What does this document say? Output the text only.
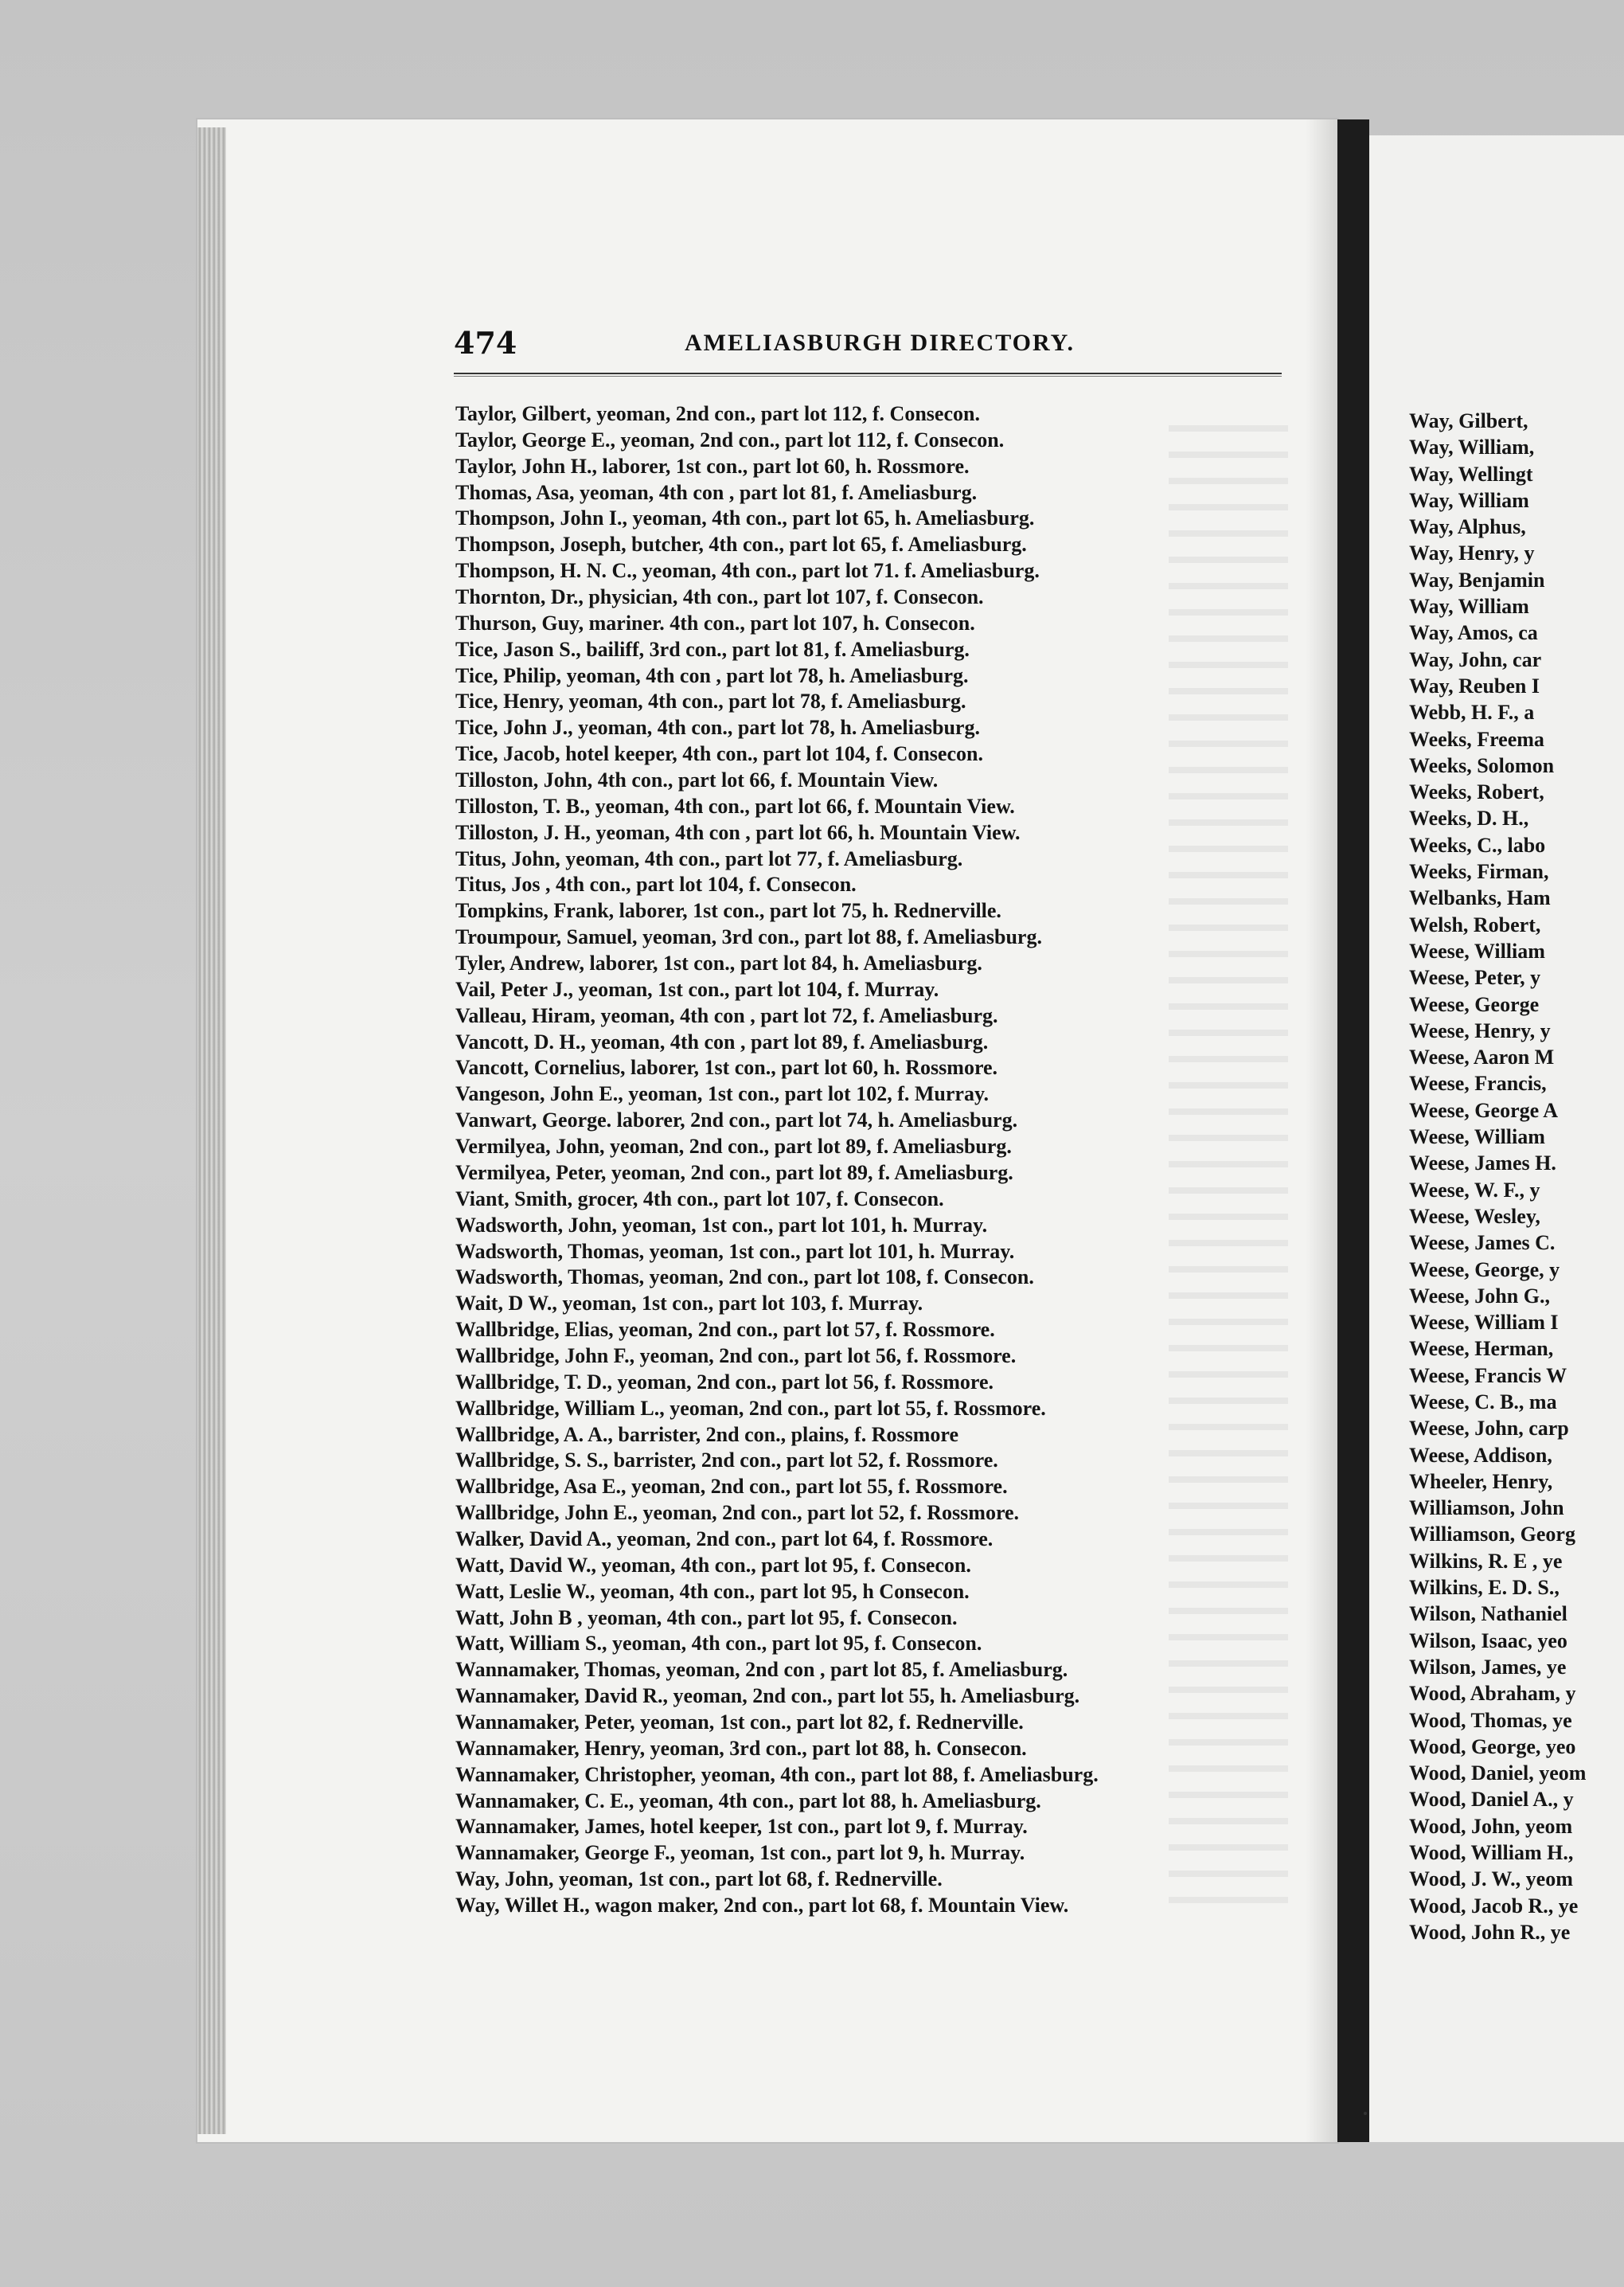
474	AMELIASBURGH DIRECTORY.
Taylor, Gilbert, yeoman, 2nd con., part lot 112, f. Consecon.
Taylor, George E., yeoman, 2nd con., part lot 112, f. Consecon.
Taylor, John H., laborer, 1st con., part lot 60, h. Rossmore.
Thomas, Asa, yeoman, 4th con , part lot 81, f. Ameliasburg.
Thompson, John I., yeoman, 4th con., part lot 65, h. Ameliasburg.
Thompson, Joseph, butcher, 4th con., part lot 65, f. Ameliasburg.
Thompson, H. N. C., yeoman, 4th con., part lot 71. f. Ameliasburg.
Thornton, Dr., physician, 4th con., part lot 107, f. Consecon.
Thurson, Guy, mariner. 4th con., part lot 107, h. Consecon.
Tice, Jason S., bailiff, 3rd con., part lot 81, f. Ameliasburg.
Tice, Philip, yeoman, 4th con , part lot 78, h. Ameliasburg.
Tice, Henry, yeoman, 4th con., part lot 78, f. Ameliasburg.
Tice, John J., yeoman, 4th con., part lot 78, h. Ameliasburg.
Tice, Jacob, hotel keeper, 4th con., part lot 104, f. Consecon.
Tilloston, John, 4th con., part lot 66, f. Mountain View.
Tilloston, T. B., yeoman, 4th con., part lot 66, f. Mountain View.
Tilloston, J. H., yeoman, 4th con , part lot 66, h. Mountain View.
Titus, John, yeoman, 4th con., part lot 77, f. Ameliasburg.
Titus, Jos , 4th con., part lot 104, f. Consecon.
Tompkins, Frank, laborer, 1st con., part lot 75, h. Rednerville.
Troumpour, Samuel, yeoman, 3rd con., part lot 88, f. Ameliasburg.
Tyler, Andrew, laborer, 1st con., part lot 84, h. Ameliasburg.
Vail, Peter J., yeoman, 1st con., part lot 104, f. Murray.
Valleau, Hiram, yeoman, 4th con , part lot 72, f. Ameliasburg.
Vancott, D. H., yeoman, 4th con , part lot 89, f. Ameliasburg.
Vancott, Cornelius, laborer, 1st con., part lot 60, h. Rossmore.
Vangeson, John E., yeoman, 1st con., part lot 102, f. Murray.
Vanwart, George. laborer, 2nd con., part lot 74, h. Ameliasburg.
Vermilyea, John, yeoman, 2nd con., part lot 89, f. Ameliasburg.
Vermilyea, Peter, yeoman, 2nd con., part lot 89, f. Ameliasburg.
Viant, Smith, grocer, 4th con., part lot 107, f. Consecon.
Wadsworth, John, yeoman, 1st con., part lot 101, h. Murray.
Wadsworth, Thomas, yeoman, 1st con., part lot 101, h. Murray.
Wadsworth, Thomas, yeoman, 2nd con., part lot 108, f. Consecon.
Wait, D W., yeoman, 1st con., part lot 103, f. Murray.
Wallbridge, Elias, yeoman, 2nd con., part lot 57, f. Rossmore.
Wallbridge, John F., yeoman, 2nd con., part lot 56, f. Rossmore.
Wallbridge, T. D., yeoman, 2nd con., part lot 56, f. Rossmore.
Wallbridge, William L., yeoman, 2nd con., part lot 55, f. Rossmore.
Wallbridge, A. A., barrister, 2nd con., plains, f. Rossmore
Wallbridge, S. S., barrister, 2nd con., part lot 52, f. Rossmore.
Wallbridge, Asa E., yeoman, 2nd con., part lot 55, f. Rossmore.
Wallbridge, John E., yeoman, 2nd con., part lot 52, f. Rossmore.
Walker, David A., yeoman, 2nd con., part lot 64, f. Rossmore.
Watt, David W., yeoman, 4th con., part lot 95, f. Consecon.
Watt, Leslie W., yeoman, 4th con., part lot 95, h Consecon.
Watt, John B , yeoman, 4th con., part lot 95, f. Consecon.
Watt, William S., yeoman, 4th con., part lot 95, f. Consecon.
Wannamaker, Thomas, yeoman, 2nd con , part lot 85, f. Ameliasburg.
Wannamaker, David R., yeoman, 2nd con., part lot 55, h. Ameliasburg.
Wannamaker, Peter, yeoman, 1st con., part lot 82, f. Rednerville.
Wannamaker, Henry, yeoman, 3rd con., part lot 88, h. Consecon.
Wannamaker, Christopher, yeoman, 4th con., part lot 88, f. Ameliasburg.
Wannamaker, C. E., yeoman, 4th con., part lot 88, h. Ameliasburg.
Wannamaker, James, hotel keeper, 1st con., part lot 9, f. Murray.
Wannamaker, George F., yeoman, 1st con., part lot 9, h. Murray.
Way, John, yeoman, 1st con., part lot 68, f. Rednerville.
Way, Willet H., wagon maker, 2nd con., part lot 68, f. Mountain View.
Way, Gilbert,
Way, William,
Way, Wellingt
Way, William
Way, Alphus,
Way, Henry, y
Way, Benjamin
Way, William
Way, Amos, ca
Way, John, car
Way, Reuben I
Webb, H. F., a
Weeks, Freema
Weeks, Solomon
Weeks, Robert,
Weeks, D. H.,
Weeks, C., labo
Weeks, Firman,
Welbanks, Ham
Welsh, Robert,
Weese, William
Weese, Peter, y
Weese, George
Weese, Henry, y
Weese, Aaron M
Weese, Francis,
Weese, George A
Weese, William
Weese, James H.
Weese, W. F., y
Weese, Wesley,
Weese, James C.
Weese, George, y
Weese, John G.,
Weese, William I
Weese, Herman,
Weese, Francis W
Weese, C. B., ma
Weese, John, carp
Weese, Addison,
Wheeler, Henry,
Williamson, John
Williamson, Georg
Wilkins, R. E , ye
Wilkins, E. D. S.,
Wilson, Nathaniel
Wilson, Isaac, yeo
Wilson, James, ye
Wood, Abraham, y
Wood, Thomas, ye
Wood, George, yeo
Wood, Daniel, yeom
Wood, Daniel A., y
Wood, John, yeom
Wood, William H.,
Wood, J. W., yeom
Wood, Jacob R., ye
Wood, John R., ye
